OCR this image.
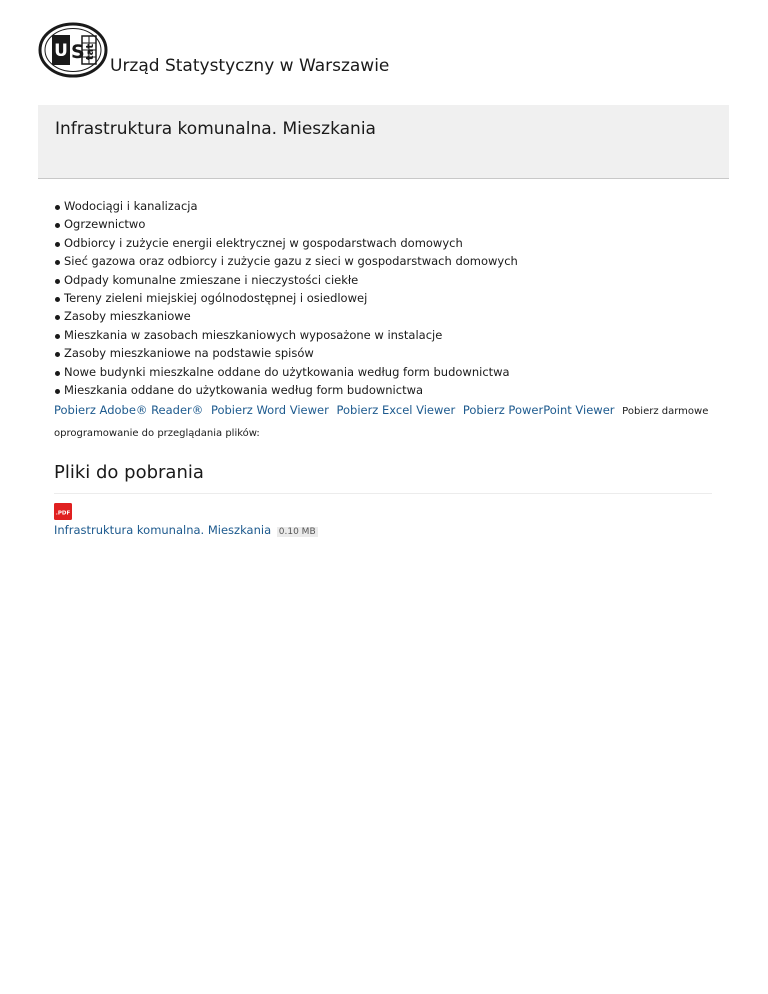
U S tat
Urząd Statystyczny w Warszawie
Infrastruktura komunalna. Mieszkania
Wodociągi i kanalizacja
Ogrzewnictwo
Odbiorcy i zużycie energii elektrycznej w gospodarstwach domowych
Sieć gazowa oraz odbiorcy i zużycie gazu z sieci w gospodarstwach domowych
Odpady komunalne zmieszane i nieczystości ciekłe
Tereny zieleni miejskiej ogólnodostępnej i osiedlowej
Zasoby mieszkaniowe
Mieszkania w zasobach mieszkaniowych wyposażone w instalacje
Zasoby mieszkaniowe na podstawie spisów
Nowe budynki mieszkalne oddane do użytkowania według form budownictwa
Mieszkania oddane do użytkowania według form budownictwa
Pobierz Adobe® Reader® Pobierz Word Viewer Pobierz Excel Viewer Pobierz PowerPoint Viewer Pobierz darmowe oprogramowanie do przeglądania plików:
Pliki do pobrania
.PDF
Infrastruktura komunalna. Mieszkania 0.10 MB
